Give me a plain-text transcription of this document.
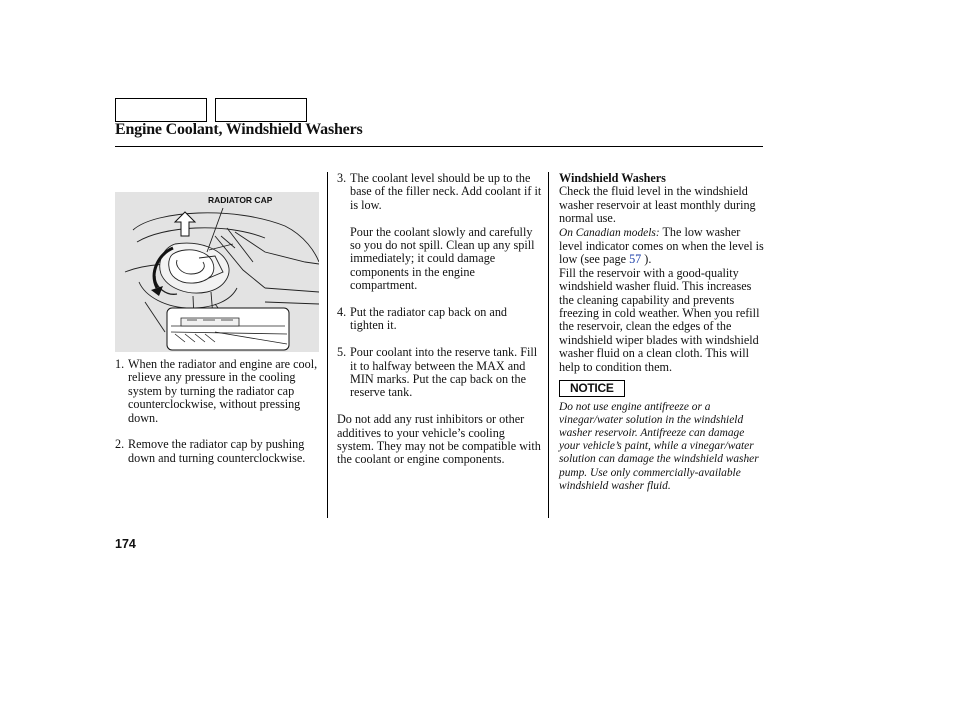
Engine Coolant, Windshield Washers
RADIATOR CAP
1. When the radiator and engine are cool, relieve any pressure in the cooling system by turning the radiator cap counterclockwise, without pressing down.
2. Remove the radiator cap by pushing down and turning counterclockwise.
3. The coolant level should be up to the base of the filler neck. Add coolant if it is low.
Pour the coolant slowly and carefully so you do not spill. Clean up any spill immediately; it could damage components in the engine compartment.
4. Put the radiator cap back on and tighten it.
5. Pour coolant into the reserve tank. Fill it to halfway between the MAX and MIN marks. Put the cap back on the reserve tank.
Do not add any rust inhibitors or other additives to your vehicle’s cooling system. They may not be compatible with the coolant or engine components.
Windshield Washers
Check the fluid level in the windshield washer reservoir at least monthly during normal use.
On Canadian models: The low washer level indicator comes on when the level is low (see page 57 ).
Fill the reservoir with a good-quality windshield washer fluid. This increases the cleaning capability and prevents freezing in cold weather. When you refill the reservoir, clean the edges of the windshield wiper blades with windshield washer fluid on a clean cloth. This will help to condition them.
NOTICE
Do not use engine antifreeze or a vinegar/water solution in the windshield washer reservoir. Antifreeze can damage your vehicle’s paint, while a vinegar/water solution can damage the windshield washer pump. Use only commercially-available windshield washer fluid.
174
